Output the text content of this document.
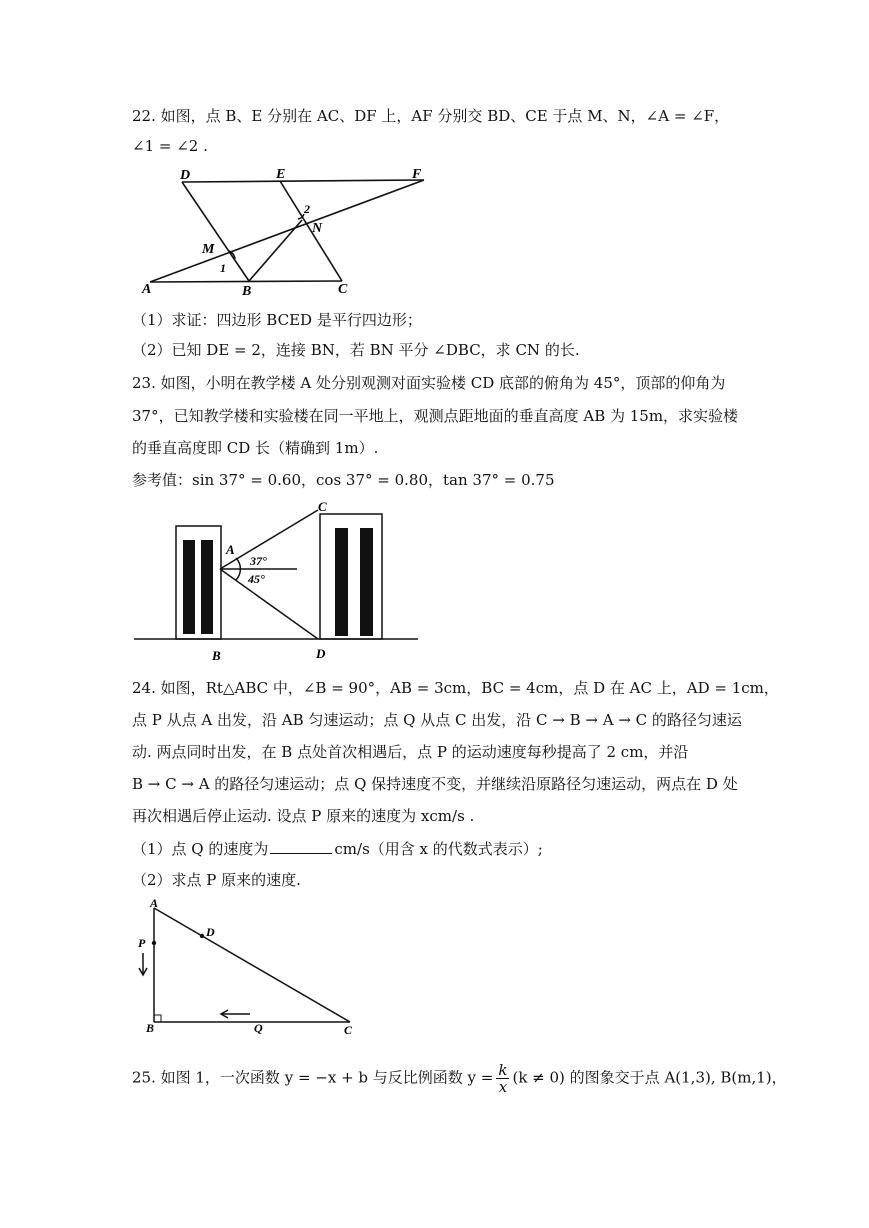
22. 如图，点 B、E 分别在 AC、DF 上，AF 分别交 BD、CE 于点 M、N，∠A = ∠F，
∠1 = ∠2 .
D	E	F
M
N
A	B	C
1
2
（1）求证：四边形 BCED 是平行四边形；
（2）已知 DE = 2，连接 BN，若 BN 平分 ∠DBC，求 CN 的长.
23. 如图，小明在教学楼 A 处分别观测对面实验楼 CD 底部的俯角为 45°，顶部的仰角为
37°，已知教学楼和实验楼在同一平地上，观测点距地面的垂直高度 AB 为 15m，求实验楼
的垂直高度即 CD 长（精确到 1m）.
参考值：sin 37° = 0.60，cos 37° = 0.80，tan 37° = 0.75
A
C
B	D
37°
45°
24. 如图，Rt△ABC 中，∠B = 90°，AB = 3cm，BC = 4cm，点 D 在 AC 上，AD = 1cm，
点 P 从点 A 出发，沿 AB 匀速运动；点 Q 从点 C 出发，沿 C → B → A → C 的路径匀速运
动. 两点同时出发，在 B 点处首次相遇后，点 P 的运动速度每秒提高了 2 cm，并沿
B → C → A 的路径匀速运动；点 Q 保持速度不变，并继续沿原路径匀速运动，两点在 D 处
再次相遇后停止运动. 设点 P 原来的速度为 xcm/s .
（1）点 Q 的速度为	cm/s（用含 x 的代数式表示）;
（2）求点 P 原来的速度.
A
P
D
B	Q	C
25. 如图 1，一次函数 y = −x + b 与反比例函数 $y = \frac{k}{x} (k \ne 0)$ 的图象交于点 A(1,3), B(m,1)，
